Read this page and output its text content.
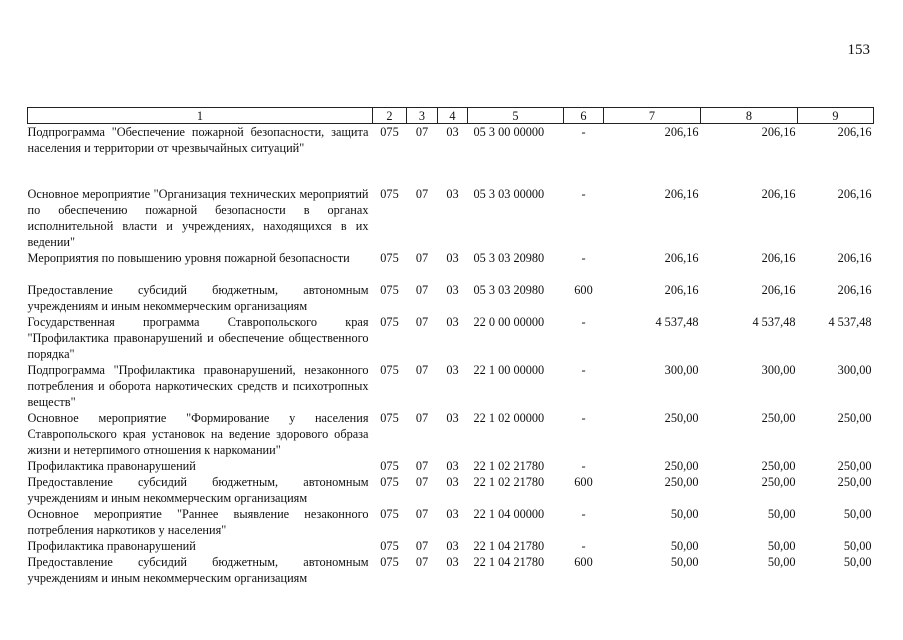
153
1	2	3	4	5	6	7	8	9
Подпрограмма "Обеспечение пожарной безопасности, защита населения и территории от чрезвычайных ситуаций"	075	07	03	05 3 00 00000	-	206,16	206,16	206,16
Основное мероприятие "Организация технических мероприятий по обеспечению пожарной безопасности в органах исполнительной власти и учреждениях, находящихся в их ведении"	075	07	03	05 3 03 00000	-	206,16	206,16	206,16
Мероприятия по повышению уровня пожарной безопасности	075	07	03	05 3 03 20980	-	206,16	206,16	206,16
Предоставление субсидий бюджетным, автономным учреждениям и иным некоммерческим организациям	075	07	03	05 3 03 20980	600	206,16	206,16	206,16
Государственная программа Ставропольского края "Профилактика правонарушений и обеспечение общественного порядка"	075	07	03	22 0 00 00000	-	4 537,48	4 537,48	4 537,48
Подпрограмма "Профилактика правонарушений, незаконного потребления и оборота наркотических средств и психотропных веществ"	075	07	03	22 1 00 00000	-	300,00	300,00	300,00
Основное мероприятие "Формирование у населения Ставропольского края установок на ведение здорового образа жизни и нетерпимого отношения к наркомании"	075	07	03	22 1 02 00000	-	250,00	250,00	250,00
Профилактика правонарушений	075	07	03	22 1 02 21780	-	250,00	250,00	250,00
Предоставление субсидий бюджетным, автономным учреждениям и иным некоммерческим организациям	075	07	03	22 1 02 21780	600	250,00	250,00	250,00
Основное мероприятие "Раннее выявление незаконного потребления наркотиков у населения"	075	07	03	22 1 04 00000	-	50,00	50,00	50,00
Профилактика правонарушений	075	07	03	22 1 04 21780	-	50,00	50,00	50,00
Предоставление субсидий бюджетным, автономным учреждениям и иным некоммерческим организациям	075	07	03	22 1 04 21780	600	50,00	50,00	50,00
